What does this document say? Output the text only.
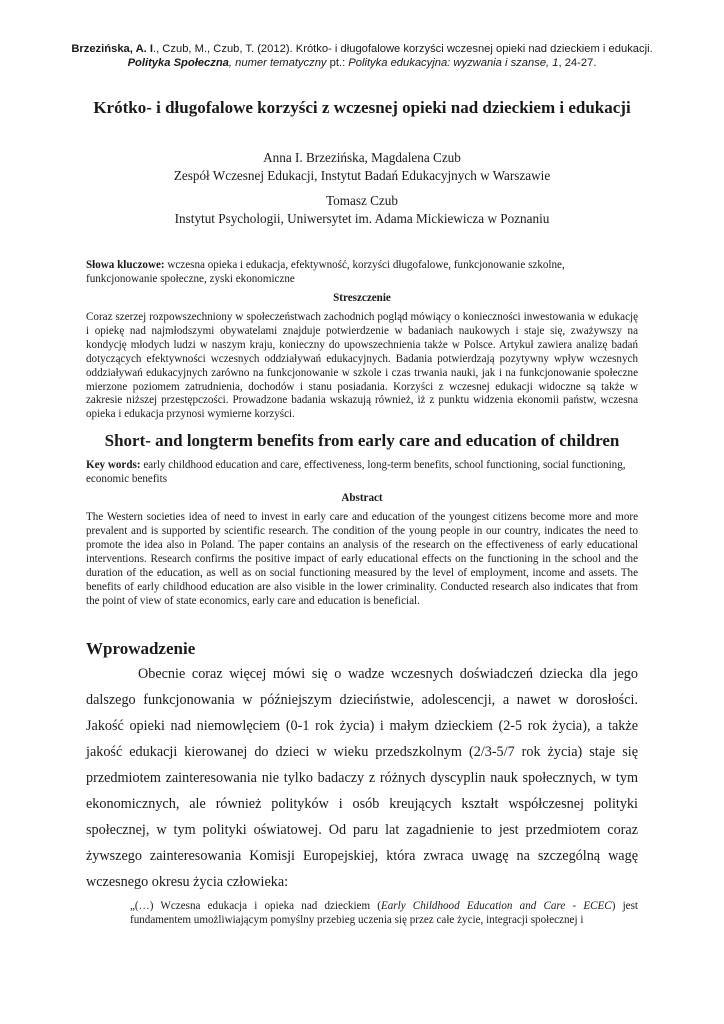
Brzezińska, A. I., Czub, M., Czub, T. (2012). Krótko- i długofalowe korzyści wczesnej opieki nad dzieckiem i edukacji.
Polityka Społeczna, numer tematyczny pt.: Polityka edukacyjna: wyzwania i szanse, 1, 24-27.
Krótko- i długofalowe korzyści z wczesnej opieki nad dzieckiem i edukacji
Anna I. Brzezińska, Magdalena Czub
Zespół Wczesnej Edukacji, Instytut Badań Edukacyjnych w Warszawie
Tomasz Czub
Instytut Psychologii, Uniwersytet im. Adama Mickiewicza w Poznaniu
Słowa kluczowe: wczesna opieka i edukacja, efektywność, korzyści długofalowe, funkcjonowanie szkolne, funkcjonowanie społeczne, zyski ekonomiczne
Streszczenie
Coraz szerzej rozpowszechniony w społeczeństwach zachodnich pogląd mówiący o konieczności inwestowania w edukację i opiekę nad najmłodszymi obywatelami znajduje potwierdzenie w badaniach naukowych i staje się, zważywszy na kondycję młodych ludzi w naszym kraju, konieczny do upowszechnienia także w Polsce. Artykuł zawiera analizę badań dotyczących efektywności wczesnych oddziaływań edukacyjnych. Badania potwierdzają pozytywny wpływ wczesnych oddziaływań edukacyjnych zarówno na funkcjonowanie w szkole i czas trwania nauki, jak i na funkcjonowanie społeczne mierzone poziomem zatrudnienia, dochodów i stanu posiadania. Korzyści z wczesnej edukacji widoczne są także w zakresie niższej przestępczości. Prowadzone badania wskazują również, iż z punktu widzenia ekonomii państw, wczesna opieka i edukacja przynosi wymierne korzyści.
Short- and longterm benefits from early care and education of children
Key words: early childhood education and care, effectiveness, long-term benefits, school functioning, social functioning, economic benefits
Abstract
The Western societies idea of need to invest in early care and education of the youngest citizens become more and more prevalent and is supported by scientific research. The condition of the young people in our country, indicates the need to promote the idea also in Poland. The paper contains an analysis of the research on the effectiveness of early educational interventions. Research confirms the positive impact of early educational effects on the functioning in the school and the duration of the education, as well as on social functioning measured by the level of employment, income and assets. The benefits of early childhood education are also visible in the lower criminality. Conducted research also indicates that from the point of view of state economics, early care and education is beneficial.
Wprowadzenie
Obecnie coraz więcej mówi się o wadze wczesnych doświadczeń dziecka dla jego dalszego funkcjonowania w późniejszym dzieciństwie, adolescencji, a nawet w dorosłości. Jakość opieki nad niemowlęciem (0-1 rok życia) i małym dzieckiem (2-5 rok życia), a także jakość edukacji kierowanej do dzieci w wieku przedszkolnym (2/3-5/7 rok życia) staje się przedmiotem zainteresowania nie tylko badaczy z różnych dyscyplin nauk społecznych, w tym ekonomicznych, ale również polityków i osób kreujących kształt współczesnej polityki społecznej, w tym polityki oświatowej. Od paru lat zagadnienie to jest przedmiotem coraz żywszego zainteresowania Komisji Europejskiej, która zwraca uwagę na szczególną wagę wczesnego okresu życia człowieka:
„(…) Wczesna edukacja i opieka nad dzieckiem (Early Childhood Education and Care - ECEC) jest fundamentem umożliwiającym pomyślny przebieg uczenia się przez całe życie, integracji społecznej i
